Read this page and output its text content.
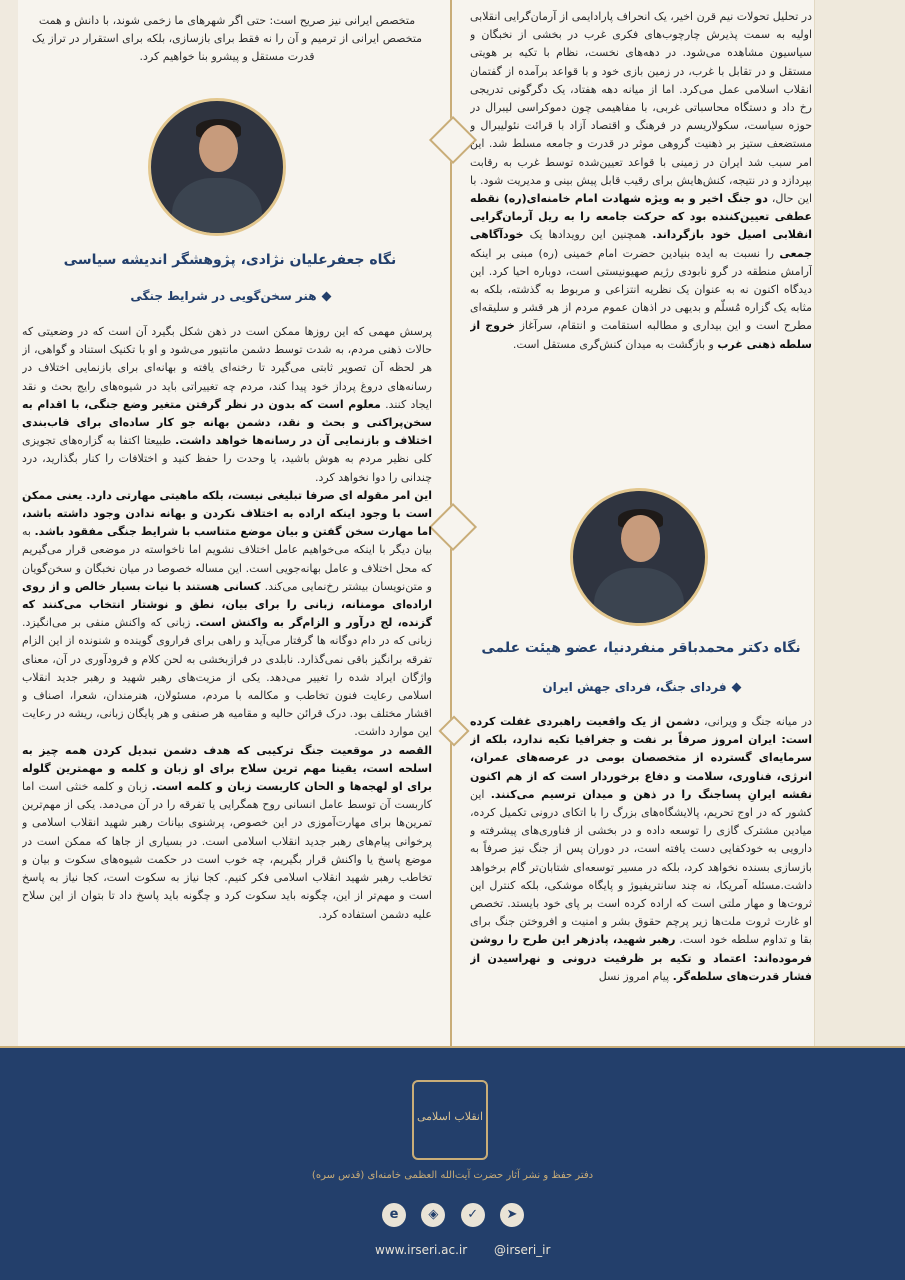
متخصص ایرانی نیز صریح است: حتی اگر شهرهای ما زخمی شوند، با دانش و همت متخصص ایرانی از ترمیم و آن را نه فقط برای بازسازی، بلکه برای استقرار در تراز یک قدرت مستقل و پیشرو بنا خواهیم کرد.

نگاه جعفرعلیان نژادی، پژوهشگر اندیشه سیاسی
هنر سخن‌گویی در شرایط جنگی

پرسش مهمی که این روزها ممکن است در ذهن شکل بگیرد آن است که در وضعیتی که حالات ذهنی مردم، به شدت توسط دشمن مانتیور می‌شود و او با تکنیک استناد و گواهی، از هر لحظه آن تصویر ثابتی می‌گیرد تا رخنه‌ای یافته و بهانه‌ای برای بازنمایی اختلاف در رسانه‌های دروغ پرداز خود پیدا کند، مردم چه تغییراتی باید در شیوه‌های رایج بحث و نقد ایجاد کنند. معلوم است که بدون در نظر گرفتن متغیر وضع جنگی، با اقدام به سخن‌پراکنی و بحث و نقد، دشمن بهانه جو کار ساده‌ای برای قاب‌بندی اختلاف و بازنمایی آن در رسانه‌ها خواهد داشت. طبیعتا اکتفا به گزاره‌های تجویزی کلی نظیر مردم به هوش باشید، یا وحدت را حفظ کنید و اختلافات را کنار بگذارید، درد چندانی را دوا نخواهد کرد.

این امر مقوله ای صرفا تبلیغی نیست، بلکه ماهیتی مهارتی دارد. یعنی ممکن است با وجود اینکه اراده به اختلاف نکردن و بهانه ندادن وجود داشته باشد، اما مهارت سخن گفتن و بیان موضع متناسب با شرایط جنگی مفقود باشد. به بیان دیگر با اینکه می‌خواهیم عامل اختلاف نشویم اما ناخواسته در موضعی قرار می‌گیریم که محل اختلاف و عامل بهانه‌جویی است. این مساله خصوصا در میان نخبگان و سخن‌گویان و متن‌نویسان بیشتر رخ‌نمایی می‌کند. کسانی هستند با نیات بسیار خالص و از روی اراده‌ای مومنانه، زبانی را برای بیان، نطق و نوشتار انتخاب می‌کنند که گزنده، لج درآور و الزام‌گر به واکنش است. زبانی که واکنش منفی بر می‌انگیزد. زبانی که در دام دوگانه ها گرفتار می‌آید و راهی برای فراروی گوینده و شنونده از این الزام تفرقه برانگیز باقی نمی‌گذارد. نابلدی در فرازبخشی به لحن کلام و فرودآوری در آن، معنای واژگان ایراد شده را تغییر می‌دهد. یکی از مزیت‌های رهبر شهید و رهبر جدید انقلاب اسلامی رعایت فنون تخاطب و مکالمه با مردم، مسئولان، هنرمندان، شعرا، اصناف و اقشار مختلف بود. درک قرائن حالیه و مقامیه هر صنفی و هر پایگان زبانی، ریشه در رعایت این موارد داشت.

القصه در موقعیت جنگ ترکیبی که هدف دشمن تبدیل کردن همه چیز به اسلحه است، یقینا مهم ترین سلاح برای او زبان و کلمه و مهمترین گلوله برای او لهجه‌ها و الحان کاربست زبان و کلمه است. زبان و کلمه خنثی است اما کاربست آن توسط عامل انسانی روح همگرایی یا تفرقه را در آن می‌دمد. یکی از مهم‌ترین تمرین‌ها برای مهارت‌آموزی در این خصوص، پرشنوی بیانات رهبر شهید انقلاب اسلامی و پرخوانی پیام‌های رهبر جدید انقلاب اسلامی است. در بسیاری از جاها که ممکن است در موضع پاسخ یا واکنش قرار بگیریم، چه خوب است در حکمت شیوه‌های سکوت و بیان و تخاطب رهبر شهید انقلاب اسلامی فکر کنیم. کجا نیاز به سکوت است، کجا نیاز به پاسخ است و مهم‌تر از این، چگونه باید سکوت کرد و چگونه باید پاسخ داد تا بتوان از این سلاح علیه دشمن استفاده کرد.

در تحلیل تحولات نیم قرن اخیر، یک انحراف پارادایمی از آرمان‌گرایی انقلابی اولیه به سمت پذیرش چارچوب‌های فکری غرب در بخشی از نخبگان و سیاسیون مشاهده می‌شود. در دهه‌های نخست، نظام با تکیه بر هویتی مستقل و در تقابل با غرب، در زمین بازی خود و با قواعد برآمده از گفتمان انقلاب اسلامی عمل می‌کرد. اما از میانه دهه هفتاد، یک دگرگونی تدریجی رخ داد و دستگاه محاسباتی غربی، با مفاهیمی چون دموکراسی لیبرال در حوزه سیاست، سکولاریسم در فرهنگ و اقتصاد آزاد با قرائت نئولیبرال و مستضعف ستیز بر ذهنیت گروهی موثر در قدرت و جامعه مسلط شد. این امر سبب شد ایران در زمینی با قواعد تعیین‌شده توسط غرب به رقابت بپردازد و در نتیجه، کنش‌هایش برای رقیب قابل پیش بینی و مدیریت شود. با این حال، دو جنگ اخیر و به ویژه شهادت امام خامنه‌ای(ره) نقطه عطفی تعیین‌کننده بود که حرکت جامعه را به ریل آرمان‌گرایی انقلابی اصیل خود بازگرداند. همچنین این رویدادها یک خودآگاهی جمعی را نسبت به ایده بنیادین حضرت امام خمینی (ره) مبنی بر اینکه آرامش منطقه در گرو نابودی رژیم صهیونیستی است، دوباره احیا کرد. این دیدگاه اکنون نه به عنوان یک نظریه انتزاعی و مربوط به گذشته، بلکه به مثابه یک گزاره مُسلّم و بدیهی در اذهان عموم مردم از هر قشر و سلیقه‌ای مطرح است و این بیداری و مطالبه استقامت و انتقام، سرآغاز خروج از سلطه ذهنی غرب و بازگشت به میدان کنش‌گری مستقل است.

نگاه دکتر محمدباقر منفردنیا، عضو هیئت علمی
فردای جنگ، فردای جهش ایران

در میانه جنگ و ویرانی، دشمن از یک واقعیت راهبردی غفلت کرده است: ایران امروز صرفاً بر نفت و جغرافیا تکیه ندارد، بلکه از سرمایه‌ای گسترده از متخصصان بومی در عرصه‌های عمران، انرژی، فناوری، سلامت و دفاع برخوردار است که از هم اکنون نقشه ایرانِ پساجنگ را در ذهن و میدان ترسیم می‌کنند. این کشور که در اوج تحریم، پالایشگاه‌های بزرگ را با اتکای درونی تکمیل کرده، میادین مشترک گازی را توسعه داده و در بخشی از فناوری‌های پیشرفته و دارویی به خودکفایی دست یافته است، در دوران پس از جنگ نیز صرفاً به بازسازی بسنده نخواهد کرد، بلکه در مسیر توسعه‌ای شتابان‌تر گام برخواهد داشت.مسئله آمریکا، نه چند سانتریفیوژ و پایگاه موشکی، بلکه کنترل این ثروت‌ها و مهار ملتی است که اراده کرده است بر پای خود بایستد. تخصص او غارت ثروت ملت‌ها زیر پرچم حقوق بشر و امنیت و افروختن جنگ برای بقا و تداوم سلطه خود است. رهبر شهید، پادزهر این طرح را روشن فرموده‌اند: اعتماد و تکیه بر ظرفیت درونی و نهراسیدن از فشار قدرت‌های سلطه‌گر. پیام امروز نسل

انقلاب اسلامی
دفتر حفظ و نشر آثار حضرت آیت‌الله العظمی خامنه‌ای (قدس سره)
e	◈	✓	➤
www.irseri.ac.ir @irseri_ir
